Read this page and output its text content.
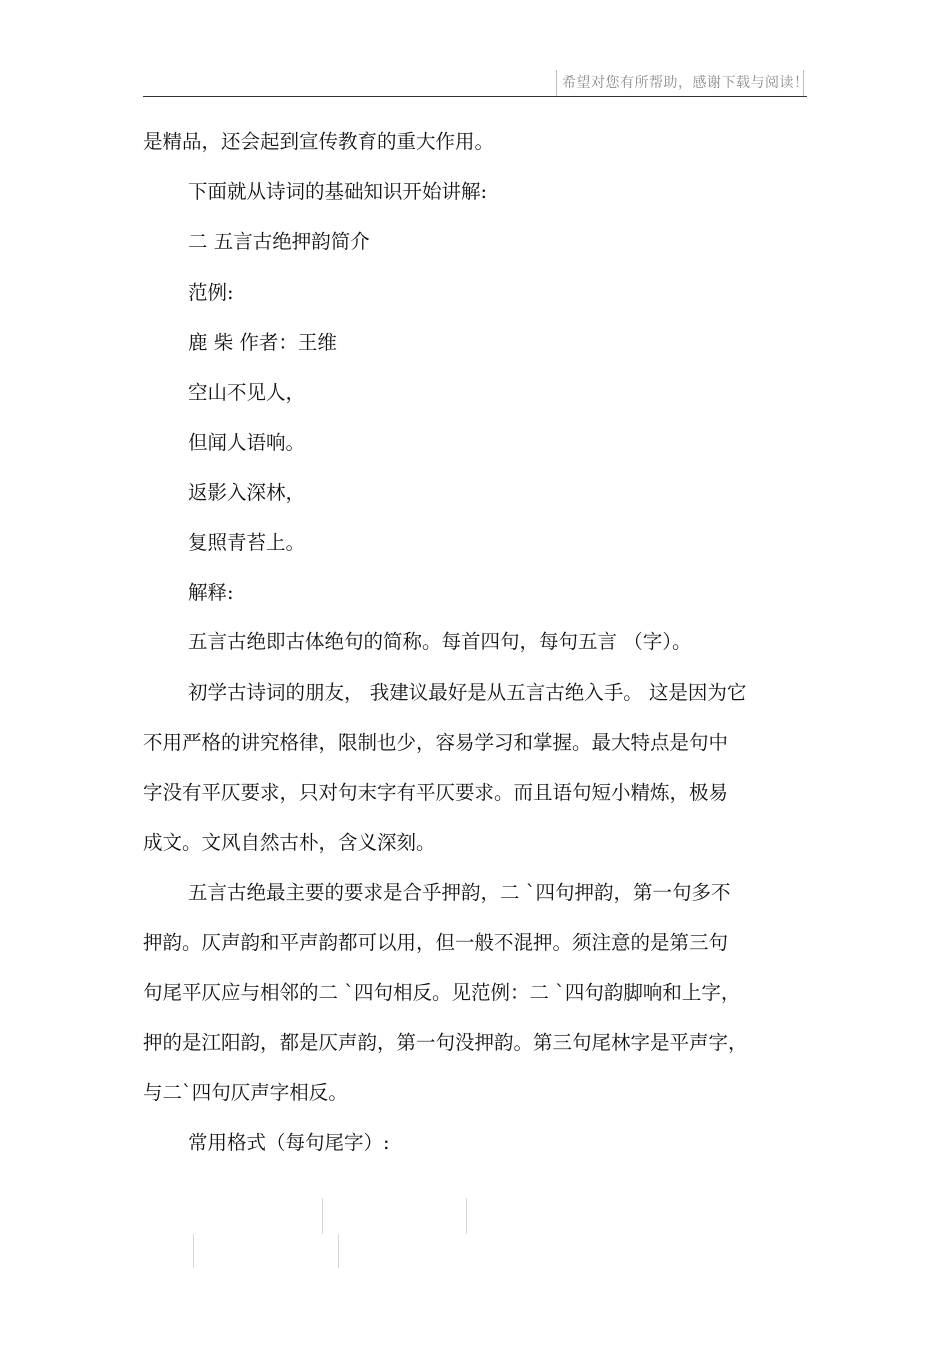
希望对您有所帮助，感谢下载与阅读！
是精品，还会起到宣传教育的重大作用。
下面就从诗词的基础知识开始讲解:
二 五言古绝押韵简介
范例:
鹿 柴 作者：王维
空山不见人，
但闻人语响。
返影入深林，
复照青苔上。
解释:
五言古绝即古体绝句的简称。每首四句，每句五言 （字）。
初学古诗词的朋友， 我建议最好是从五言古绝入手。 这是因为它
不用严格的讲究格律，限制也少，容易学习和掌握。最大特点是句中
字没有平仄要求，只对句末字有平仄要求。而且语句短小精炼，极易
成文。文风自然古朴，含义深刻。
五言古绝最主要的要求是合乎押韵，二 `四句押韵，第一句多不
押韵。仄声韵和平声韵都可以用，但一般不混押。须注意的是第三句
句尾平仄应与相邻的二 `四句相反。见范例：二 `四句韵脚响和上字，
押的是江阳韵，都是仄声韵，第一句没押韵。第三句尾林字是平声字，
与二`四句仄声字相反。
常用格式（每句尾字）:
